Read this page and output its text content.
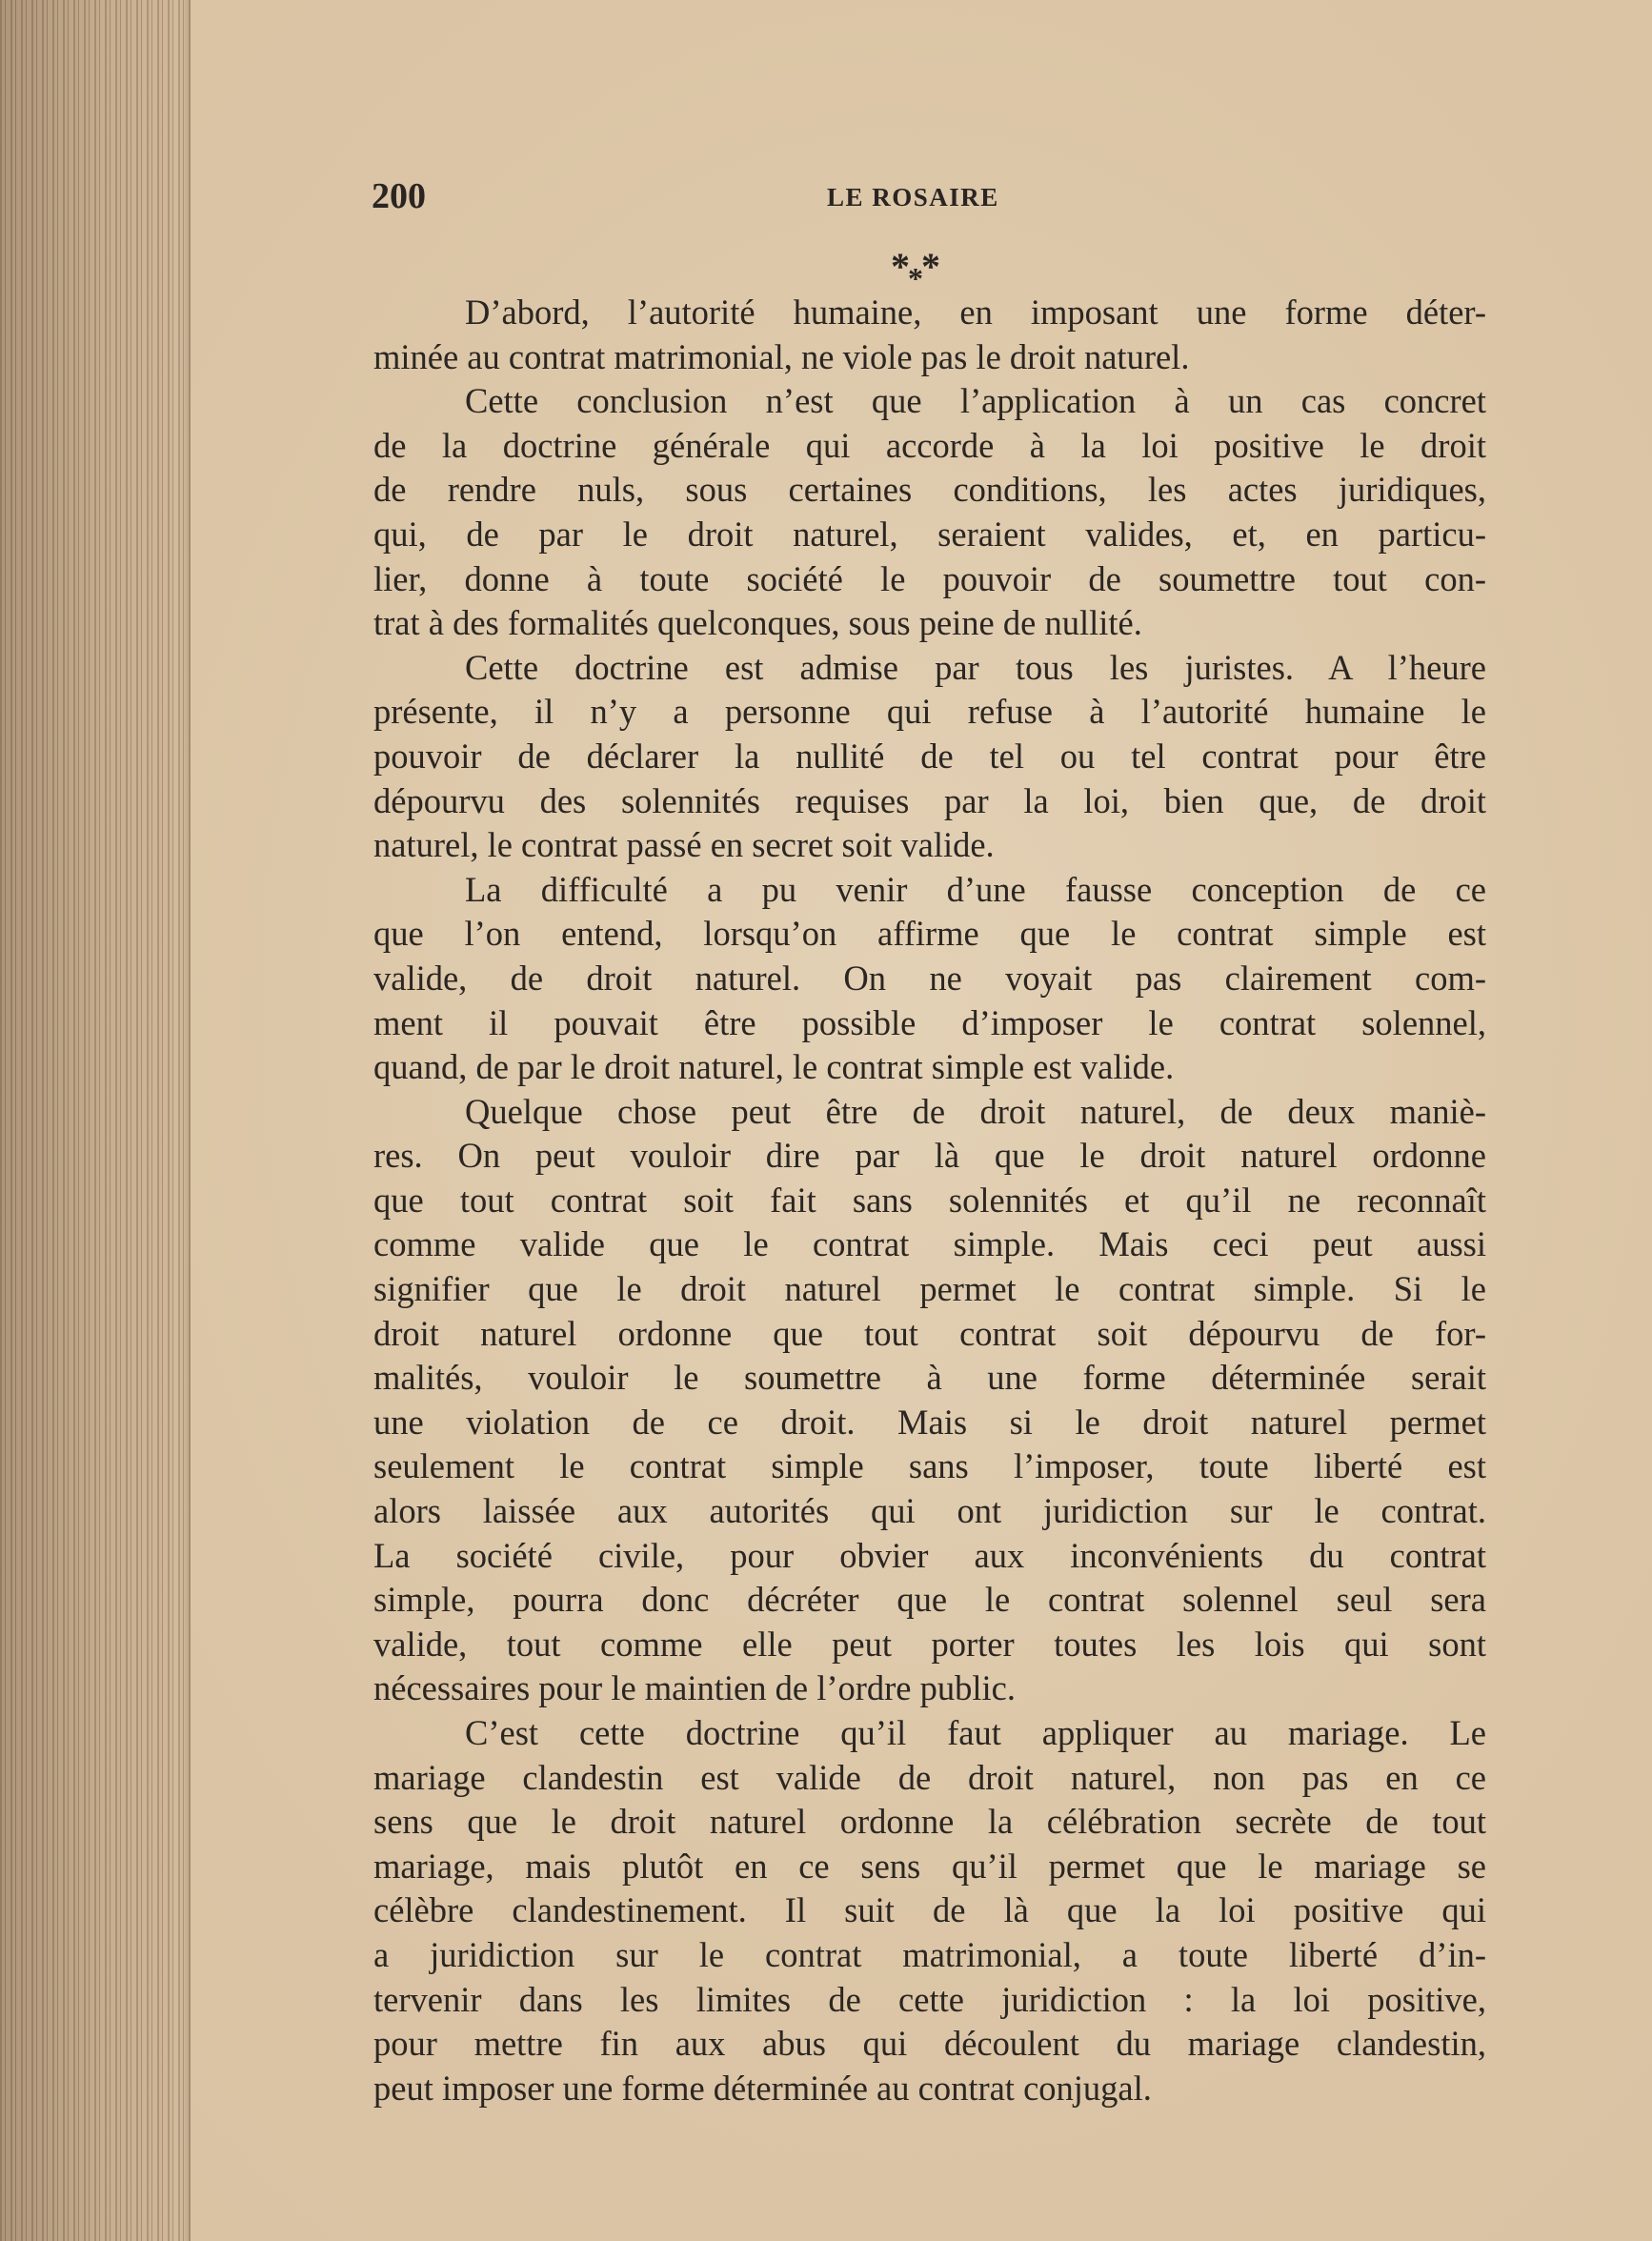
200	LE ROSAIRE
$*_**$

D’abord, l’autorité humaine, en imposant une forme déter-
minée au contrat matrimonial, ne viole pas le droit naturel.

Cette conclusion n’est que l’application à un cas concret
de la doctrine générale qui accorde à la loi positive le droit
de rendre nuls, sous certaines conditions, les actes juridiques,
qui, de par le droit naturel, seraient valides, et, en particu-
lier, donne à toute société le pouvoir de soumettre tout con-
trat à des formalités quelconques, sous peine de nullité.

Cette doctrine est admise par tous les juristes. A l’heure
présente, il n’y a personne qui refuse à l’autorité humaine le
pouvoir de déclarer la nullité de tel ou tel contrat pour être
dépourvu des solennités requises par la loi, bien que, de droit
naturel, le contrat passé en secret soit valide.

La difficulté a pu venir d’une fausse conception de ce
que l’on entend, lorsqu’on affirme que le contrat simple est
valide, de droit naturel. On ne voyait pas clairement com-
ment il pouvait être possible d’imposer le contrat solennel,
quand, de par le droit naturel, le contrat simple est valide.

Quelque chose peut être de droit naturel, de deux maniè-
res. On peut vouloir dire par là que le droit naturel ordonne
que tout contrat soit fait sans solennités et qu’il ne reconnaît
comme valide que le contrat simple. Mais ceci peut aussi
signifier que le droit naturel permet le contrat simple. Si le
droit naturel ordonne que tout contrat soit dépourvu de for-
malités, vouloir le soumettre à une forme déterminée serait
une violation de ce droit. Mais si le droit naturel permet
seulement le contrat simple sans l’imposer, toute liberté est
alors laissée aux autorités qui ont juridiction sur le contrat.
La société civile, pour obvier aux inconvénients du contrat
simple, pourra donc décréter que le contrat solennel seul sera
valide, tout comme elle peut porter toutes les lois qui sont
nécessaires pour le maintien de l’ordre public.

C’est cette doctrine qu’il faut appliquer au mariage. Le
mariage clandestin est valide de droit naturel, non pas en ce
sens que le droit naturel ordonne la célébration secrète de tout
mariage, mais plutôt en ce sens qu’il permet que le mariage se
célèbre clandestinement. Il suit de là que la loi positive qui
a juridiction sur le contrat matrimonial, a toute liberté d’in-
tervenir dans les limites de cette juridiction : la loi positive,
pour mettre fin aux abus qui découlent du mariage clandestin,
peut imposer une forme déterminée au contrat conjugal.
